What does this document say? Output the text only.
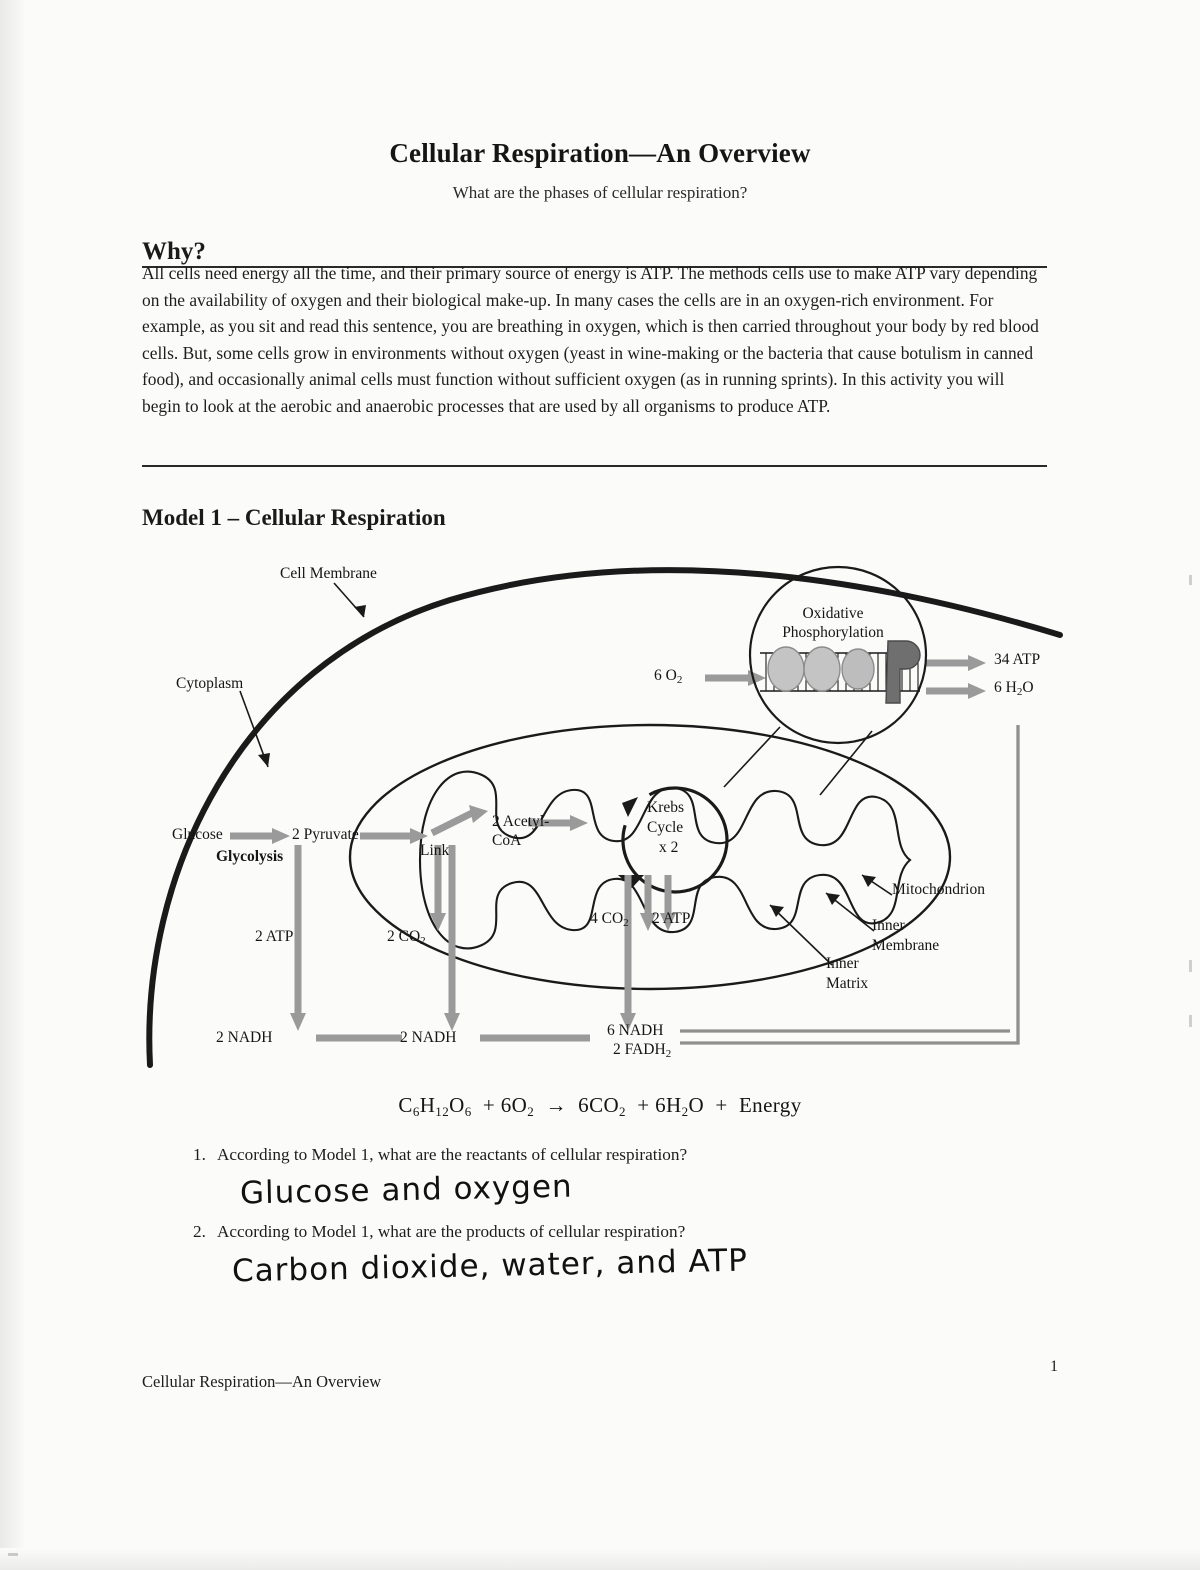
Cellular Respiration—An Overview
What are the phases of cellular respiration?
Why?
All cells need energy all the time, and their primary source of energy is ATP. The methods cells use to make ATP vary depending on the availability of oxygen and their biological make-up. In many cases the cells are in an oxygen-rich environment. For example, as you sit and read this sentence, you are breathing in oxygen, which is then carried throughout your body by red blood cells. But, some cells grow in environments without oxygen (yeast in wine-making or the bacteria that cause botulism in canned food), and occasionally animal cells must function without sufficient oxygen (as in running sprints). In this activity you will begin to look at the aerobic and anaerobic processes that are used by all organisms to produce ATP.
Model 1 – Cellular Respiration
Cell Membrane
Cytoplasm
Oxidative
Phosphorylation
6 $O_2$
34 ATP
6 $H_2O$
Glucose	2 Pyruvate
Glycolysis	Link
2 Acetyl-
CoA
Krebs
Cycle
x 2
2 ATP	2 $CO_2$
4 $CO_2$ 2 ATP
2 NADH	2 NADH	6 NADH
2 $FADH_2$
Mitochondrion
Inner
Membrane
Inner
Matrix
C6H12O6  + 6O2  →  6CO2  + 6H2O  +  Energy
1. According to Model 1, what are the reactants of cellular respiration?
Glucose and oxygen
2. According to Model 1, what are the products of cellular respiration?
Carbon dioxide, water, and ATP
Cellular Respiration—An Overview
1
